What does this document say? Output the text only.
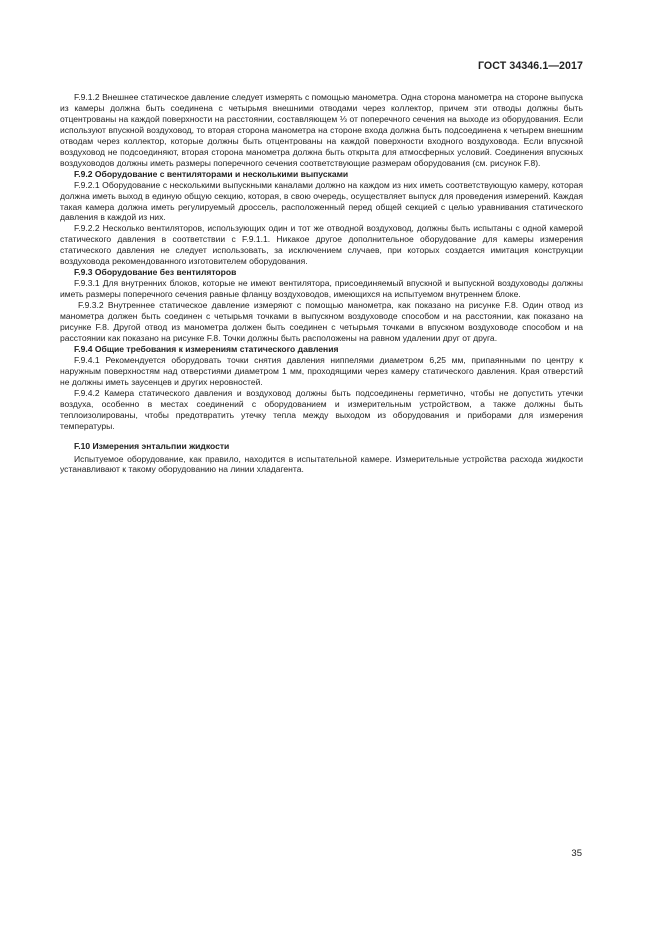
ГОСТ 34346.1—2017

F.9.1.2 Внешнее статическое давление следует измерять с помощью манометра. Одна сторона манометра на стороне выпуска из камеры должна быть соединена с четырьмя внешними отводами через коллектор, причем эти отводы должны быть отцентрованы на каждой поверхности на расстоянии, составляющем ⅓ от поперечного сечения на выходе из оборудования. Если используют впускной воздуховод, то вторая сторона манометра на стороне входа должна быть подсоединена к четырем внешним отводам через коллектор, которые должны быть отцентрованы на каждой поверхности входного воздуховода. Если впускной воздуховод не подсоединяют, вторая сторона манометра должна быть открыта для атмосферных условий. Соединения впускных воздуховодов должны иметь размеры поперечного сечения соответствующие размерам оборудования (см. рисунок F.8).

F.9.2 Оборудование с вентиляторами и несколькими выпусками

F.9.2.1 Оборудование с несколькими выпускными каналами должно на каждом из них иметь соответствующую камеру, которая должна иметь выход в единую общую секцию, которая, в свою очередь, осуществляет выпуск для проведения измерений. Каждая такая камера должна иметь регулируемый дроссель, расположенный перед общей секцией с целью уравнивания статического давления в каждой из них.

F.9.2.2 Несколько вентиляторов, использующих один и тот же отводной воздуховод, должны быть испытаны с одной камерой статического давления в соответствии с F.9.1.1. Никакое другое дополнительное оборудование для камеры измерения статического давления не следует использовать, за исключением случаев, при которых создается имитация конструкции воздуховода рекомендованного изготовителем оборудования.

F.9.3 Оборудование без вентиляторов

F.9.3.1 Для внутренних блоков, которые не имеют вентилятора, присоединяемый впускной и выпускной воздуховоды должны иметь размеры поперечного сечения равные фланцу воздуховодов, имеющихся на испытуемом внутреннем блоке.

F.9.3.2 Внутреннее статическое давление измеряют с помощью манометра, как показано на рисунке F.8. Один отвод из манометра должен быть соединен с четырьмя точками в выпускном воздуховоде способом и на расстоянии, как показано на рисунке F.8. Другой отвод из манометра должен быть соединен с четырьмя точками в впускном воздуховоде способом и на расстоянии как показано на рисунке F.8. Точки должны быть расположены на равном удалении друг от друга.

F.9.4 Общие требования к измерениям статического давления

F.9.4.1 Рекомендуется оборудовать точки снятия давления ниппелями диаметром 6,25 мм, припаянными по центру к наружным поверхностям над отверстиями диаметром 1 мм, проходящими через камеру статического давления. Края отверстий не должны иметь заусенцев и других неровностей.

F.9.4.2 Камера статического давления и воздуховод должны быть подсоединены герметично, чтобы не допустить утечки воздуха, особенно в местах соединений с оборудованием и измерительным устройством, а также должны быть теплоизолированы, чтобы предотвратить утечку тепла между выходом из оборудования и приборами для измерения температуры.

F.10 Измерения энтальпии жидкости

Испытуемое оборудование, как правило, находится в испытательной камере. Измерительные устройства расхода жидкости устанавливают к такому оборудованию на линии хладагента.

35
